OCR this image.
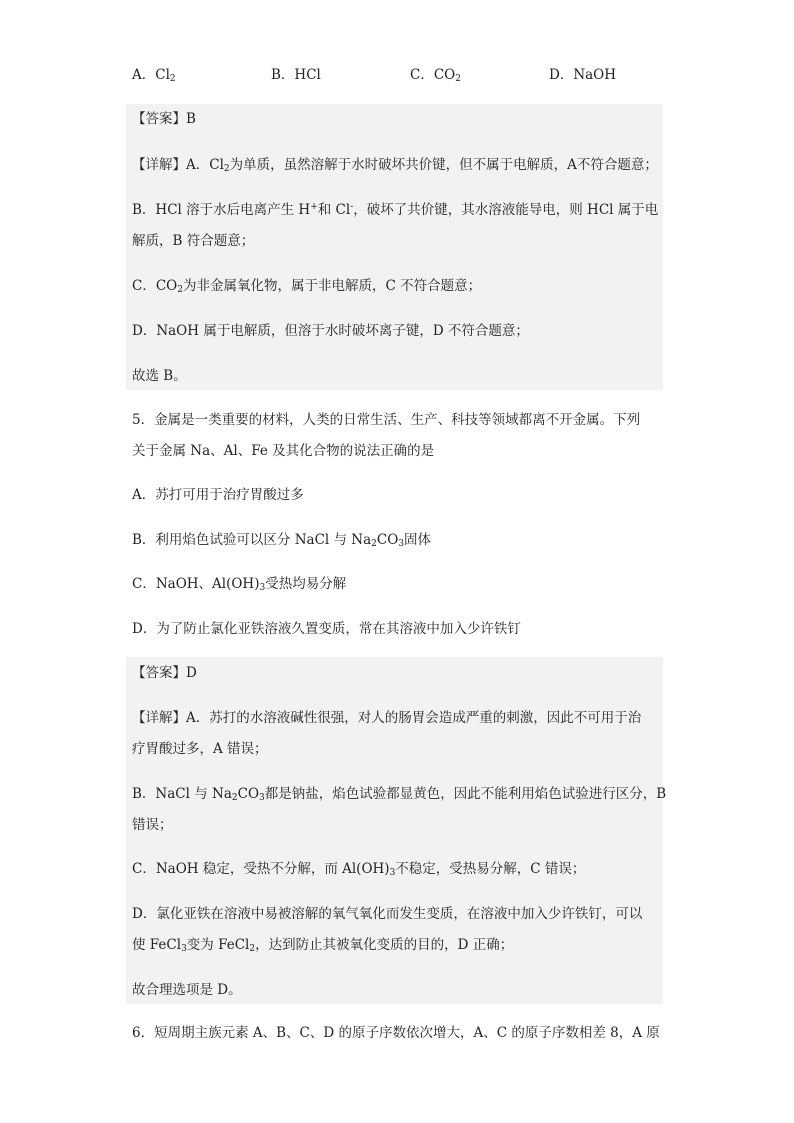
A．$Cl_2$	B．HCl	C．$CO_2$	D．NaOH
【答案】B
【详解】A．$Cl_2$为单质，虽然溶解于水时破坏共价键，但不属于电解质，A不符合题意；
B．HCl 溶于水后电离产生 H+和 Cl-，破坏了共价键，其水溶液能导电，则 HCl 属于电
解质，B 符合题意；
C．$CO_2$为非金属氧化物，属于非电解质，C 不符合题意；
D．NaOH 属于电解质，但溶于水时破坏离子键，D 不符合题意；
故选 B。
5．金属是一类重要的材料，人类的日常生活、生产、科技等领域都离不开金属。下列
关于金属 Na、Al、Fe 及其化合物的说法正确的是
A．苏打可用于治疗胃酸过多
B．利用焰色试验可以区分 NaCl 与 $Na_2CO_3$固体
C．NaOH、$Al(OH)_3$受热均易分解
D．为了防止氯化亚铁溶液久置变质，常在其溶液中加入少许铁钉
【答案】D
【详解】A．苏打的水溶液碱性很强，对人的肠胃会造成严重的刺激，因此不可用于治
疗胃酸过多，A 错误；
B．NaCl 与 $Na_2CO_3$都是钠盐，焰色试验都显黄色，因此不能利用焰色试验进行区分，B
错误；
C．NaOH 稳定，受热不分解，而 $Al(OH)_3$不稳定，受热易分解，C 错误；
D．氯化亚铁在溶液中易被溶解的氧气氧化而发生变质，在溶液中加入少许铁钉，可以
使 FeCl$_3$变为 FeCl$_2$，达到防止其被氧化变质的目的，D 正确；
故合理选项是 D。
6．短周期主族元素 A、B、C、D 的原子序数依次增大，A、C 的原子序数相差 8，A 原
